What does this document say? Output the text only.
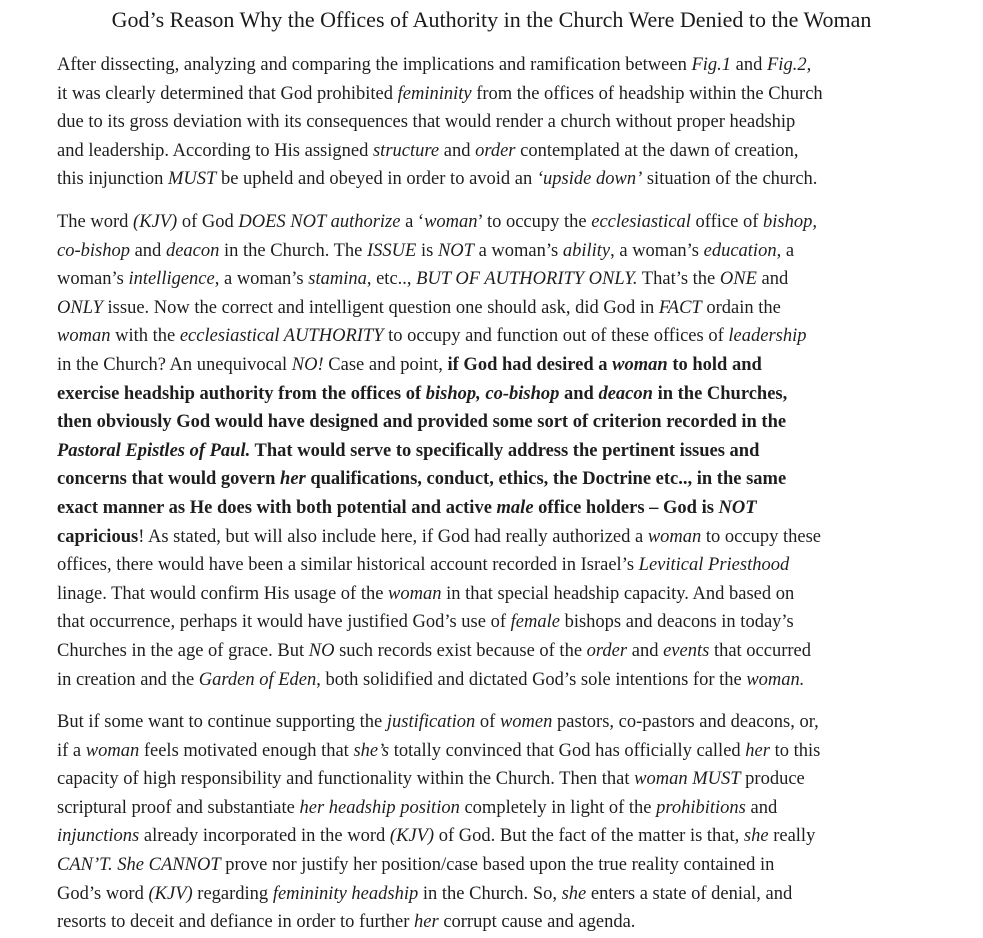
God’s Reason Why the Offices of Authority in the Church Were Denied to the Woman
After dissecting, analyzing and comparing the implications and ramification between Fig.1 and Fig.2,
it was clearly determined that God prohibited femininity from the offices of headship within the Church
due to its gross deviation with its consequences that would render a church without proper headship
and leadership. According to His assigned structure and order contemplated at the dawn of creation,
this injunction MUST be upheld and obeyed in order to avoid an ‘upside down’ situation of the church.
The word (KJV) of God DOES NOT authorize a ‘woman’ to occupy the ecclesiastical office of bishop,
co-bishop and deacon in the Church. The ISSUE is NOT a woman’s ability, a woman’s education, a
woman’s intelligence, a woman’s stamina, etc.., BUT OF AUTHORITY ONLY. That’s the ONE and
ONLY issue. Now the correct and intelligent question one should ask, did God in FACT ordain the
woman with the ecclesiastical AUTHORITY to occupy and function out of these offices of leadership
in the Church? An unequivocal NO! Case and point, if God had desired a woman to hold and
exercise headship authority from the offices of bishop, co-bishop and deacon in the Churches,
then obviously God would have designed and provided some sort of criterion recorded in the
Pastoral Epistles of Paul. That would serve to specifically address the pertinent issues and
concerns that would govern her qualifications, conduct, ethics, the Doctrine etc.., in the same
exact manner as He does with both potential and active male office holders – God is NOT
capricious! As stated, but will also include here, if God had really authorized a woman to occupy these
offices, there would have been a similar historical account recorded in Israel’s Levitical Priesthood
linage. That would confirm His usage of the woman in that special headship capacity. And based on
that occurrence, perhaps it would have justified God’s use of female bishops and deacons in today’s
Churches in the age of grace. But NO such records exist because of the order and events that occurred
in creation and the Garden of Eden, both solidified and dictated God’s sole intentions for the woman.
But if some want to continue supporting the justification of women pastors, co-pastors and deacons, or,
if a woman feels motivated enough that she’s totally convinced that God has officially called her to this
capacity of high responsibility and functionality within the Church. Then that woman MUST produce
scriptural proof and substantiate her headship position completely in light of the prohibitions and
injunctions already incorporated in the word (KJV) of God. But the fact of the matter is that, she really
CAN’T. She CANNOT prove nor justify her position/case based upon the true reality contained in
God’s word (KJV) regarding femininity headship in the Church. So, she enters a state of denial, and
resorts to deceit and defiance in order to further her corrupt cause and agenda.
